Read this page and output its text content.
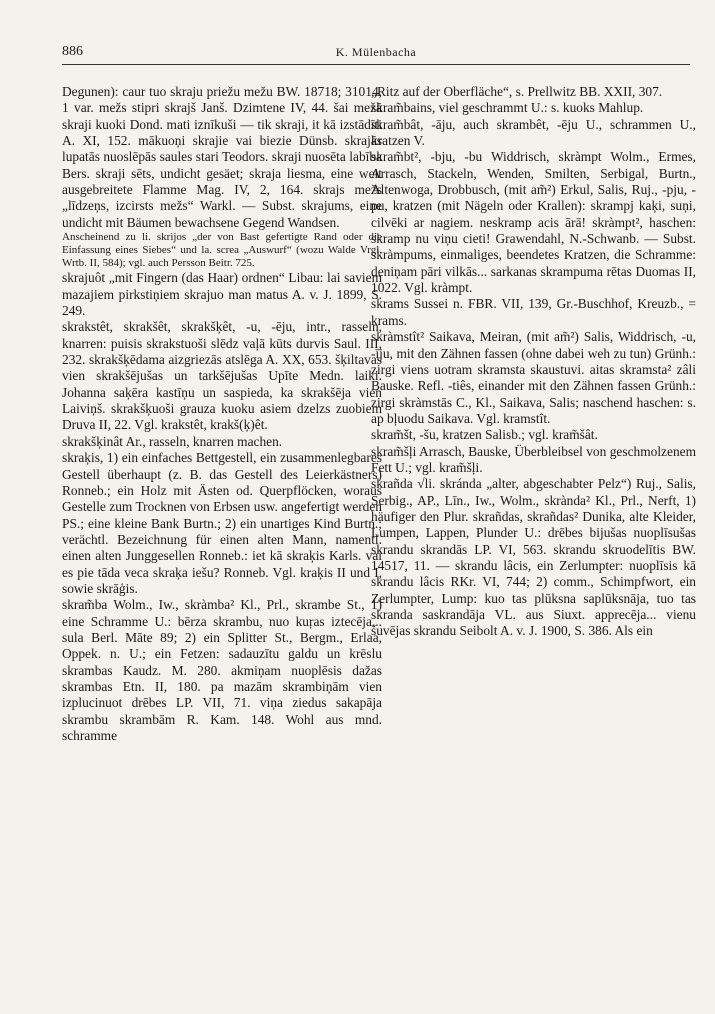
886	K. Mülenbacha

Degunen): caur tuo skraju priežu mežu BW. 18718; 31014, 1 var. mežs stipri skrajš Janš. Dzimtene IV, 44. šai mežā skraji kuoki Dond. mati iznīkuši — tik skraji, it kā izstādīti A. XI, 152. mākuoņi skrajie vai biezie Dünsb. skrajās lupatās nuoslēpās saules stari Teodors. skraji nuosēta labība Bers. skraji sēts, undicht gesäet; skraja liesma, eine weit ausgebreitete Flamme Mag. IV, 2, 164. skrajs mežs „līdzeņs, izcirsts mežs“ Warkl. — Subst. skrajums, eine undicht mit Bäumen bewachsene Gegend Wandsen.

Anscheinend zu li. skrìjos „der von Bast gefertigte Rand oder die Einfassung eines Siebes“ und la. screa „Auswurf“ (wozu Walde Vrgl. Wrtb. II, 584); vgl. auch Persson Beitr. 725.

skrajuôt „mit Fingern (das Haar) ordnen“ Libau: lai saviem mazajiem pirkstiņiem skrajuo man matus A. v. J. 1899, S. 249.

skrakstêt, skrakšêt, skrakšķêt, -u, -ēju, intr., rasseln, knarren: puisis skrakstuoši slēdz vaļā kūts durvis Saul. III, 232. skrakšķēdama aizgriezās atslēga A. XX, 653. šķiltavas vien skrakšējušas un tarkšējušas Upīte Medn. laiki. Johanna saķēra kastīņu un saspieda, ka skrakšēja vien Laiviņš. skrakšķuoši grauza kuoku asiem dzelzs zuobiem Druva II, 22. Vgl. krakstêt, krakš(ķ)êt.

skrakšķinât Ar., rasseln, knarren machen.

skraķis, 1) ein einfaches Bettgestell, ein zusammenlegbares Gestell überhaupt (z. B. das Gestell des Leierkästners) Ronneb.; ein Holz mit Ästen od. Querpflöcken, woraus Gestelle zum Trocknen von Erbsen usw. angefertigt werden PS.; eine kleine Bank Burtn.; 2) ein unartiges Kind Burtn.; verächtl. Bezeichnung für einen alten Mann, namentl. einen alten Junggesellen Ronneb.: iet kā skraķis Karls. vai es pie tāda veca skraķa iešu? Ronneb. Vgl. kraķis II und I, sowie skrāģis.

skram̃ba Wolm., Iw., skràmba² Kl., Prl., skrambe St., 1) eine Schramme U.: bērza skrambu, nuo kuŗas iztecēja... sula Berl. Māte 89; 2) ein Splitter St., Bergm., Erlaa, Oppek. n. U.; ein Fetzen: sadauzītu galdu un krēslu skrambas Kaudz. M. 280. akmiņam nuoplēsis dažas skrambas Etn. II, 180. pa mazām skrambiņām vien izplucinuot drēbes LP. VII, 71. viņa ziedus sakapāja skrambu skrambām R. Kam. 148. Wohl aus mnd. schramme

„Ritz auf der Oberfläche“, s. Prellwitz BB. XXII, 307.

skram̃bains, viel geschrammt U.: s. kuoks Mahlup.

skram̃bât, -āju, auch skrambêt, -ēju U., schrammen U., kratzen V.

skram̃bt², -bju, -bu Widdrisch, skràmpt Wolm., Ermes, Arrasch, Stackeln, Wenden, Smilten, Serbigal, Burtn., Altenwoga, Drobbusch, (mit am̃²) Erkul, Salis, Ruj., -pju, -pu, kratzen (mit Nägeln oder Krallen): skrampj kaķi, suņi, cilvēki ar nagiem. neskramp acis ārā! skràmpt², haschen: skramp nu viņu cieti! Grawendahl, N.-Schwanb. — Subst. skràmpums, einmaliges, beendetes Kratzen, die Schramme: deniņam pāri vilkās... sarkanas skrampuma rētas Duomas II, 1022. Vgl. kràmpt.

skrams Sussei n. FBR. VII, 139, Gr.-Buschhof, Kreuzb., = krams.

skràmstît² Saikava, Meiran, (mit am̃²) Salis, Widdrisch, -u, -īju, mit den Zähnen fassen (ohne dabei weh zu tun) Grünh.: zirgi viens uotram skramsta skaustuvi. aitas skramsta² zâli Bauske. Refl. -tiês, einander mit den Zähnen fassen Grünh.: zirgi skràmstās C., Kl., Saikava, Salis; naschend haschen: s. ap bļuodu Saikava. Vgl. kramstît.

skram̃št, -šu, kratzen Salisb.; vgl. kram̃šât.

skram̃šļi Arrasch, Bauske, Überbleibsel von geschmolzenem Fett U.; vgl. kram̃šļi.

skrañda √li. skránda „alter, abgeschabter Pelz“) Ruj., Salis, Serbig., AP., Līn., Iw., Wolm., skrànda² Kl., Prl., Nerft, 1) häufiger den Plur. skrañdas, skrañdas² Dunika, alte Kleider, Lumpen, Lappen, Plunder U.: drēbes bijušas nuoplīsušas skrandu skrandās LP. VI, 563. skrandu skruodelītis BW. 14517, 11. — skrandu lâcis, ein Zerlumpter: nuoplīsis kā skrandu lâcis RKr. VI, 744; 2) comm., Schimpfwort, ein Zerlumpter, Lump: kuo tas plūksna saplūksnāja, tuo tas skranda saskrandāja VL. aus Siuxt. apprecēja... vienu šuvējas skrandu Seibolt A. v. J. 1900, S. 386. Als ein
